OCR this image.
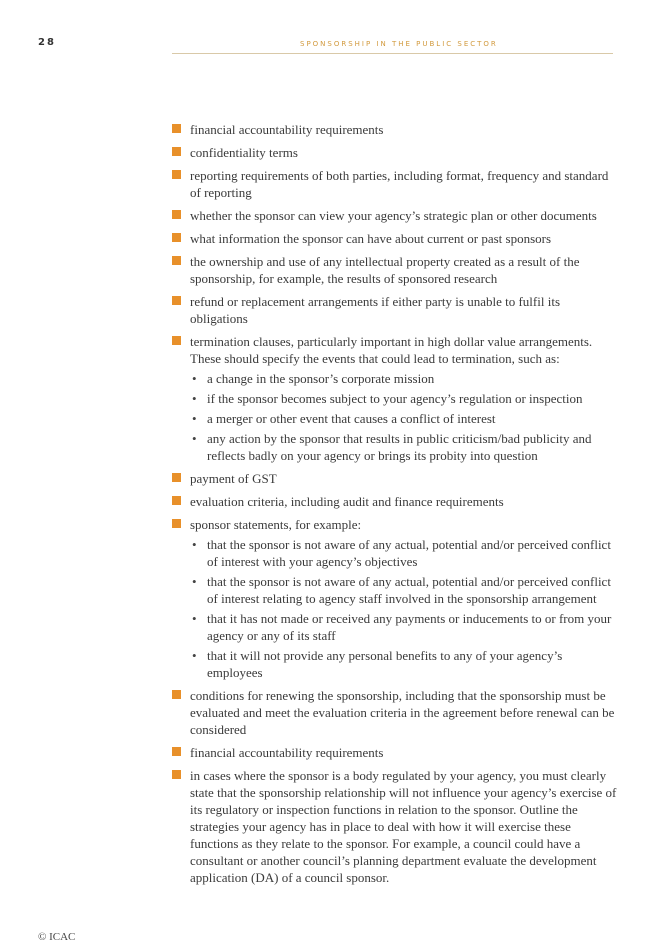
28	SPONSORSHIP IN THE PUBLIC SECTOR
financial accountability requirements
confidentiality terms
reporting requirements of both parties, including format, frequency and standard of reporting
whether the sponsor can view your agency’s strategic plan or other documents
what information the sponsor can have about current or past sponsors
the ownership and use of any intellectual property created as a result of the sponsorship, for example, the results of sponsored research
refund or replacement arrangements if either party is unable to fulfil its obligations
termination clauses, particularly important in high dollar value arrangements. These should specify the events that could lead to termination, such as:
• a change in the sponsor’s corporate mission
• if the sponsor becomes subject to your agency’s regulation or inspection
• a merger or other event that causes a conflict of interest
• any action by the sponsor that results in public criticism/bad publicity and reflects badly on your agency or brings its probity into question
payment of GST
evaluation criteria, including audit and finance requirements
sponsor statements, for example:
• that the sponsor is not aware of any actual, potential and/or perceived conflict of interest with your agency’s objectives
• that the sponsor is not aware of any actual, potential and/or perceived conflict of interest relating to agency staff involved in the sponsorship arrangement
• that it has not made or received any payments or inducements to or from your agency or any of its staff
• that it will not provide any personal benefits to any of your agency’s employees
conditions for renewing the sponsorship, including that the sponsorship must be evaluated and meet the evaluation criteria in the agreement before renewal can be considered
financial accountability requirements
in cases where the sponsor is a body regulated by your agency, you must clearly state that the sponsorship relationship will not influence your agency’s exercise of its regulatory or inspection functions in relation to the sponsor. Outline the strategies your agency has in place to deal with how it will exercise these functions as they relate to the sponsor. For example, a council could have a consultant or another council’s planning department evaluate the development application (DA) of a council sponsor.
© ICAC
